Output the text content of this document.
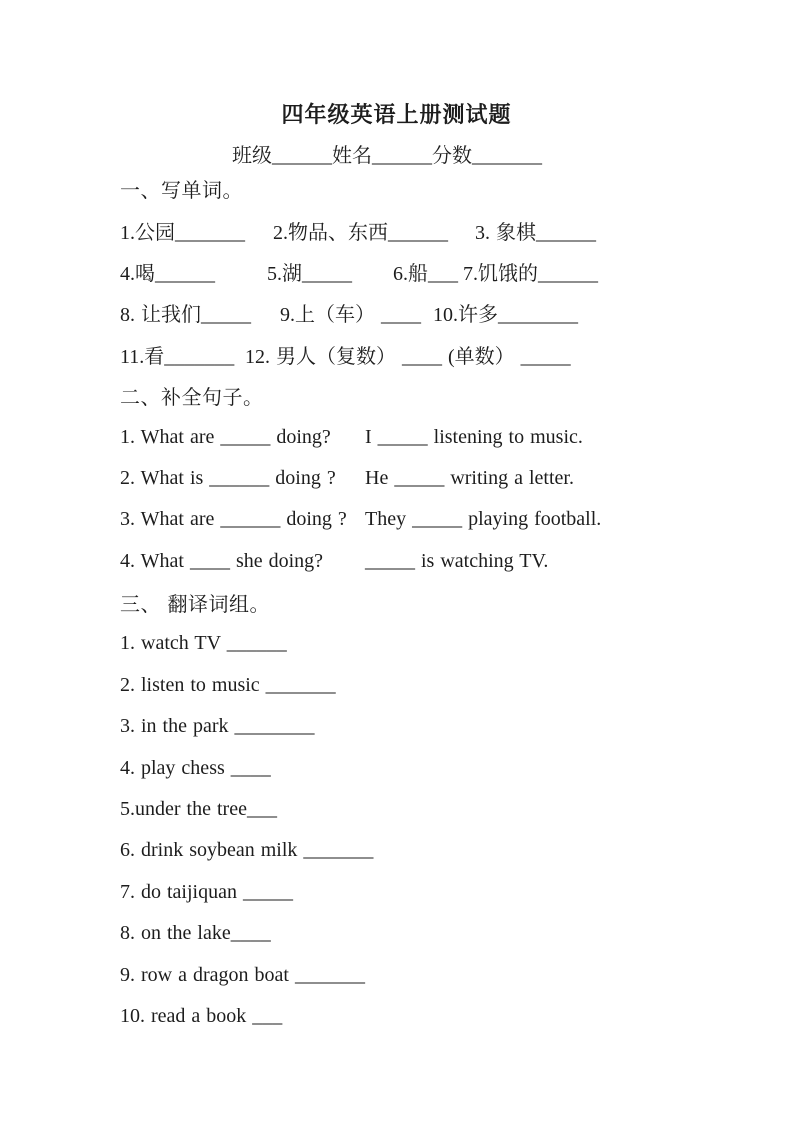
四年级英语上册测试题
班级______姓名______分数_______
一、写单词。
1.公园_______	2.物品、东西______	3. 象棋______
4.喝______	5.湖_____	6.船___ 7.饥饿的______
8. 让我们_____	9.上（车） ____ 10.许多________
11.看_______ 12. 男人（复数） ____ (单数） _____
二、补全句子。
1. What are _____ doing?	I _____ listening to music.
2. What is ______ doing ?	He _____ writing a letter.
3. What are ______ doing ? They _____ playing football.
4. What ____ she doing?	_____ is watching TV.
三、 翻译词组。
1. watch TV ______
2. listen to music _______
3. in the park ________
4. play chess ____
5.under the tree___
6. drink soybean milk _______
7. do taijiquan _____
8. on the lake____
9. row a dragon boat _______
10. read a book ___
